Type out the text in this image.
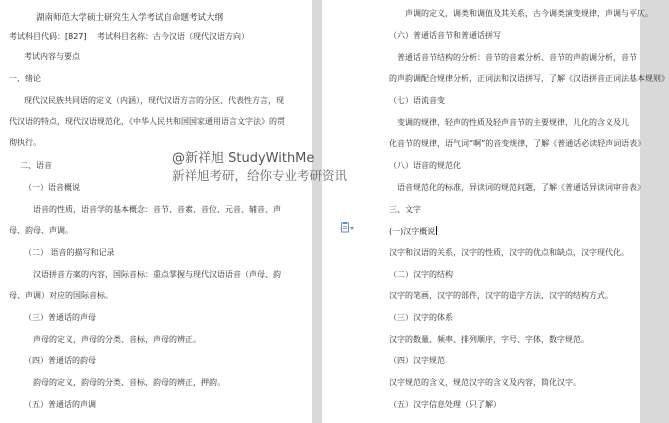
湖南师范大学硕士研究生入学考试自命题考试大纲
考试科目代码：[827] 考试科目名称：古今汉语（现代汉语方向）
考试内容与要点
一、绪论
现代汉民族共同语的定义（内涵），现代汉语方言的分区、代表性方言，现
代汉语的特点，现代汉语规范化，《中华人民共和国国家通用语言文字法》的贯
彻执行。
二、语音
（一）语音概说
语音的性质，语音学的基本概念：音节、音素、音位、元音、辅音、声
母、韵母、声调。
（二） 语音的描写和记录
汉语拼音方案的内容，国际音标：重点掌握与现代汉语语音（声母、韵
母、声调）对应的国际音标。
（三）普通话的声母
声母的定义，声母的分类、音标，声母的辨正。
（四）普通话的韵母
韵母的定义，韵母的分类、音标，韵母的辨正，押韵。
（五）普通话的声调
声调的定义，调类和调值及其关系，古今调类演变规律，声调与平仄。
（六）普通话音节和普通话拼写
普通话音节结构的分析：音节的音素分析、音节的声韵调分析，音节
的声韵调配合规律分析，正词法和汉语拼写，了解《汉语拼音正词法基本规则》
（七）语流音变
变调的规律，轻声的性质及轻声音节的主要规律，儿化的含义及儿
化音节的规律，语气词“啊”的音变规律，了解《普通话必读轻声词语表》
（八）语音的规范化
语音规范化的标准，异读词的规范问题，了解《普通话异读词审音表》
三、文字
(一)汉字概说
汉字和汉语的关系，汉字的性质，汉字的优点和缺点，汉字现代化。
（二）汉字的结构
汉字的笔画，汉字的部件，汉字的造字方法，汉字的结构方式。
（三）汉字的体系
汉字的数量、频率、排列顺序，字号、字体，数字规范。
（四）汉字规范
汉字规范的含义，规范汉字的含义及内容，简化汉字。
（五）汉字信息处理（只了解）
@新祥旭 StudyWithMe
新祥旭考研，给你专业考研资讯
